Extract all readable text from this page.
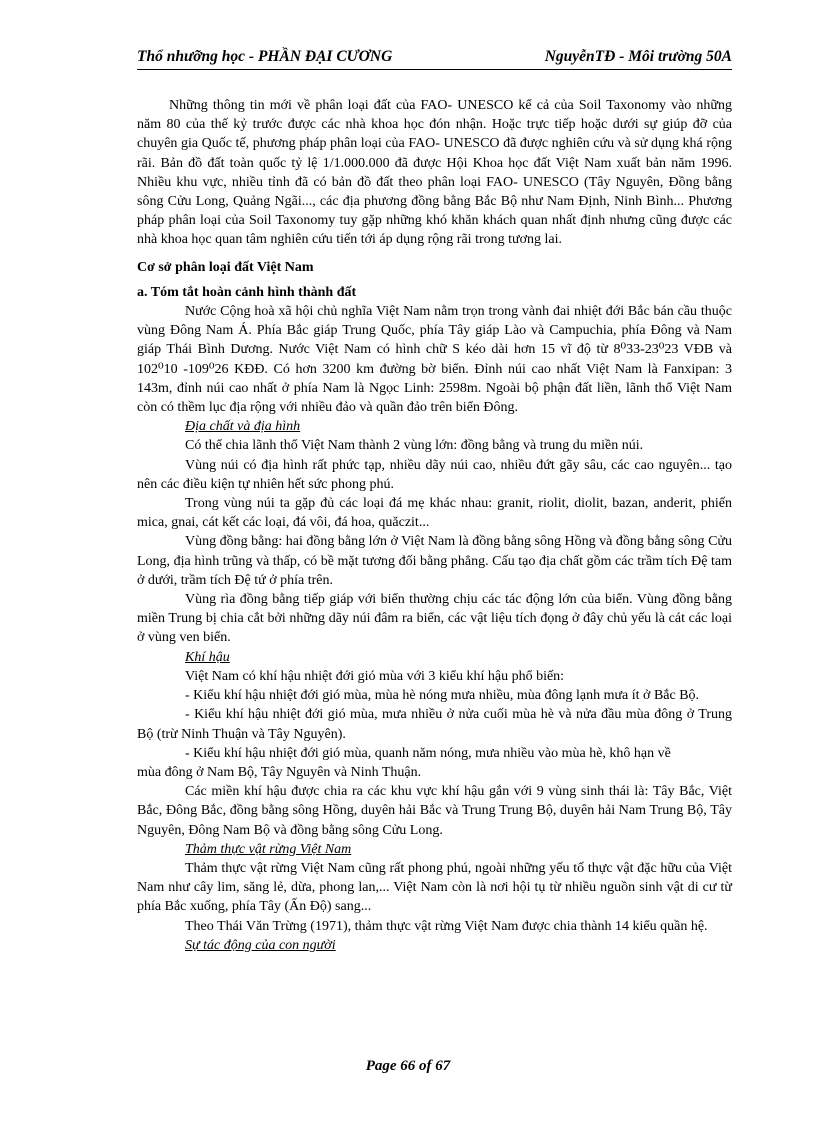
Thổ nhưỡng học - PHẦN ĐẠI CƯƠNG	NguyễnTĐ - Môi trường 50A

Những thông tin mới về phân loại đất của FAO- UNESCO kể cả của Soil Taxonomy vào những năm 80 của thế kỷ trước được các nhà khoa học đón nhận. Hoặc trực tiếp hoặc dưới sự giúp đỡ của chuyên gia Quốc tế, phương pháp phân loại của FAO- UNESCO đã được nghiên cứu và sử dụng khá rộng rãi. Bản đồ đất toàn quốc tỷ lệ 1/1.000.000 đã được Hội Khoa học đất Việt Nam xuất bản năm 1996. Nhiều khu vực, nhiều tỉnh đã có bản đồ đất theo phân loại FAO- UNESCO (Tây Nguyên, Đồng bằng sông Cửu Long, Quảng Ngãi..., các địa phương đồng bằng Bắc Bộ như Nam Định, Ninh Bình... Phương pháp phân loại của Soil Taxonomy tuy gặp những khó khăn khách quan nhất định nhưng cũng được các nhà khoa học quan tâm nghiên cứu tiến tới áp dụng rộng rãi trong tương lai.

Cơ sở phân loại đất Việt Nam

a. Tóm tắt hoàn cảnh hình thành đất

Nước Cộng hoà xã hội chủ nghĩa Việt Nam nằm trọn trong vành đai nhiệt đới Bắc bán cầu thuộc vùng Đông Nam Á. Phía Bắc giáp Trung Quốc, phía Tây giáp Lào và Campuchia, phía Đông và Nam giáp Thái Bình Dương. Nước Việt Nam có hình chữ S kéo dài hơn 15 vĩ độ từ 8⁰33-23⁰23 VĐB và 102⁰10 -109⁰26 KĐĐ. Có hơn 3200 km đường bờ biển. Đỉnh núi cao nhất Việt Nam là Fanxipan: 3 143m, đỉnh núi cao nhất ở phía Nam là Ngọc Linh: 2598m. Ngoài bộ phận đất liền, lãnh thổ Việt Nam còn có thềm lục địa rộng với nhiều đảo và quần đảo trên biển Đông.

Địa chất và địa hình

Có thể chia lãnh thổ Việt Nam thành 2 vùng lớn: đồng bằng và trung du miền núi.

Vùng núi có địa hình rất phức tạp, nhiều dãy núi cao, nhiều đứt gãy sâu, các cao nguyên... tạo nên các điều kiện tự nhiên hết sức phong phú.

Trong vùng núi ta gặp đủ các loại đá mẹ khác nhau: granit, riolit, diolit, bazan, anderit, phiến mica, gnai, cát kết các loại, đá vôi, đá hoa, quăczit...

Vùng đồng bằng: hai đồng bằng lớn ở Việt Nam là đồng bằng sông Hồng và đồng bằng sông Cửu Long, địa hình trũng và thấp, có bề mặt tương đối bằng phẳng. Cấu tạo địa chất gồm các trầm tích Đệ tam ở dưới, trầm tích Đệ tứ ở phía trên.

Vùng rìa đồng bằng tiếp giáp với biển thường chịu các tác động lớn của biển. Vùng đồng bằng miền Trung bị chia cắt bởi những dãy núi đâm ra biển, các vật liệu tích đọng ở đây chủ yếu là cát các loại ở vùng ven biển.

Khí hậu

Việt Nam có khí hậu nhiệt đới gió mùa với 3 kiểu khí hậu phổ biến:

- Kiểu khí hậu nhiệt đới gió mùa, mùa hè nóng mưa nhiều, mùa đông lạnh mưa ít ở Bắc Bộ.

- Kiểu khí hậu nhiệt đới gió mùa, mưa nhiều ở nửa cuối mùa hè và nửa đầu mùa đông ở Trung Bộ (trừ Ninh Thuận và Tây Nguyên).

- Kiểu khí hậu nhiệt đới gió mùa, quanh năm nóng, mưa nhiều vào mùa hè, khô hạn về

mùa đông ở Nam Bộ, Tây Nguyên và Ninh Thuận.

Các miền khí hậu được chia ra các khu vực khí hậu gắn với 9 vùng sinh thái là: Tây Bắc, Việt Bắc, Đông Bắc, đồng bằng sông Hồng, duyên hải Bắc và Trung Trung Bộ, duyên hải Nam Trung Bộ, Tây Nguyên, Đông Nam Bộ và đồng bằng sông Cửu Long.

Thảm thực vật rừng Việt Nam

Thảm thực vật rừng Việt Nam cũng rất phong phú, ngoài những yếu tố thực vật đặc hữu của Việt Nam như cây lim, săng lẻ, dừa, phong lan,... Việt Nam còn là nơi hội tụ từ nhiều nguồn sinh vật di cư từ phía Bắc xuống, phía Tây (Ấn Độ) sang...

Theo Thái Văn Trừng (1971), thảm thực vật rừng Việt Nam được chia thành 14 kiểu quần hệ.

Sự tác động của con người

Page 66 of 67
